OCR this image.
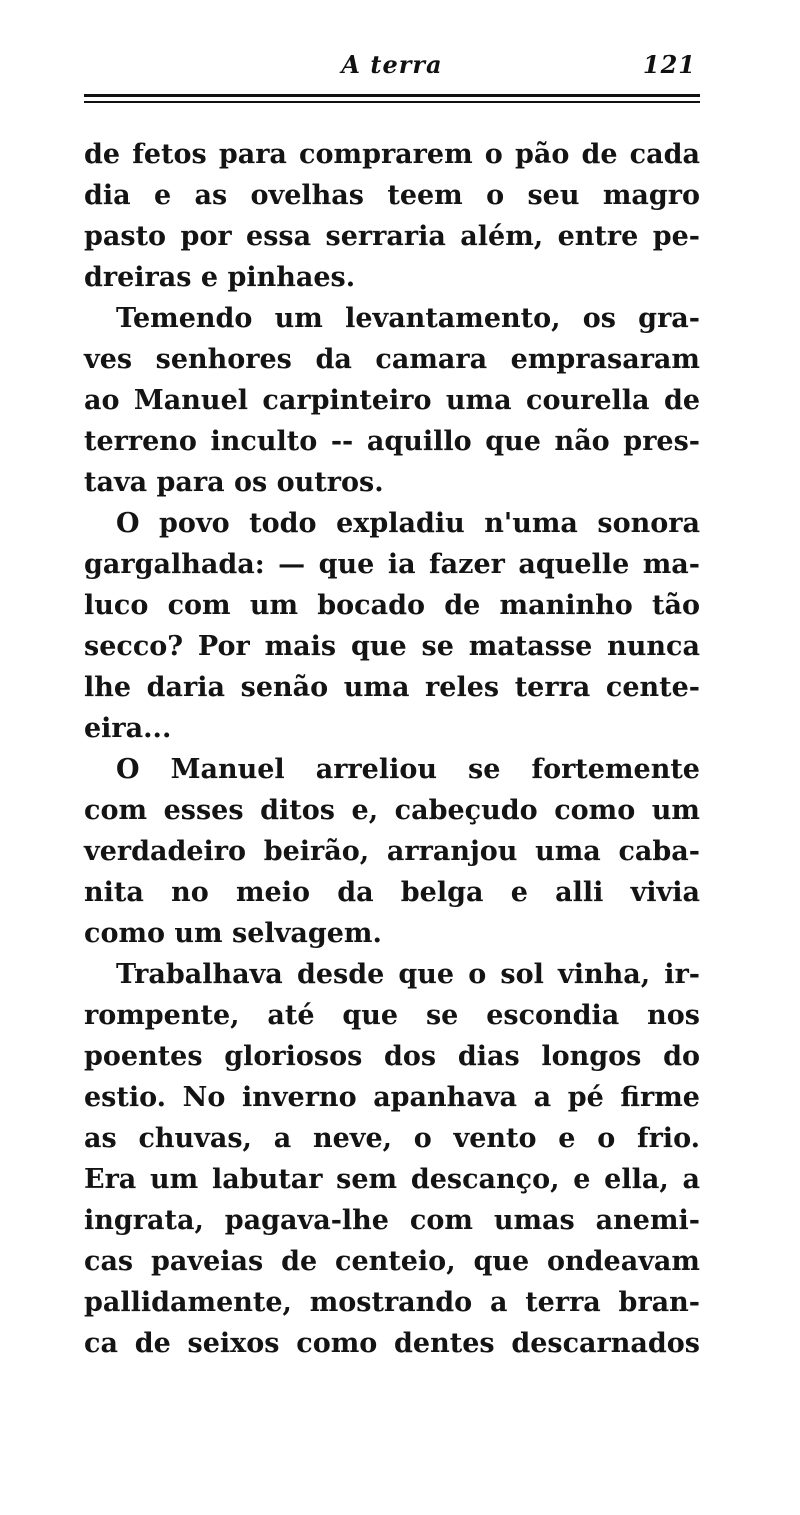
A terra	121
de fetos para comprarem o pão de cada
dia e as ovelhas teem o seu magro
pasto por essa serraria além, entre pe-
dreiras e pinhaes.
Temendo um levantamento, os gra-
ves senhores da camara emprasaram
ao Manuel carpinteiro uma courella de
terreno inculto -- aquillo que não pres-
tava para os outros.
O povo todo expladiu n'uma sonora
gargalhada: — que ia fazer aquelle ma-
luco com um bocado de maninho tão
secco? Por mais que se matasse nunca
lhe daria senão uma reles terra cente-
eira...
O Manuel arreliou se fortemente
com esses ditos e, cabeçudo como um
verdadeiro beirão, arranjou uma caba-
nita no meio da belga e alli vivia
como um selvagem.
Trabalhava desde que o sol vinha, ir-
rompente, até que se escondia nos
poentes gloriosos dos dias longos do
estio. No inverno apanhava a pé firme
as chuvas, a neve, o vento e o frio.
Era um labutar sem descanço, e ella, a
ingrata, pagava-lhe com umas anemi-
cas paveias de centeio, que ondeavam
pallidamente, mostrando a terra bran-
ca de seixos como dentes descarnados
